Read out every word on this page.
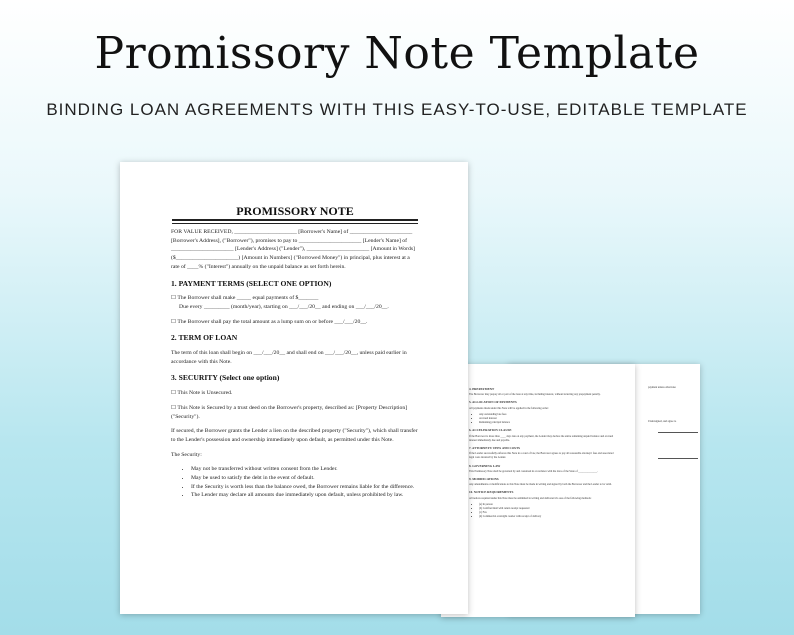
Promissory Note Template
BINDING LOAN AGREEMENTS WITH THIS EASY-TO-USE, EDITABLE TEMPLATE

payment unless otherwise

Undersigned, and agree to

4. PREPAYMENT

The Borrower may prepay all or part of the loan at any time, including interest, without incurring any prepayment penalty.

5. ALLOCATION OF PAYMENTS

All payments made under this Note will be applied in the following order:

• Any outstanding late fees
• Accrued interest
• Remaining principal balance
6. ACCELERATION CLAUSE

If the Borrower is more than ____ days late on any payment, the Lender may declare the entire remaining unpaid balance and accrued interest immediately due and payable.

7. ATTORNEYS' FEES AND COSTS

If the Lender successfully enforces this Note in a court of law, the Borrower agrees to pay all reasonable attorneys' fees and associated legal costs incurred by the Lender.

8. GOVERNING LAW

This Promissory Note shall be governed by and construed in accordance with the laws of the State of ______________.

9. MODIFICATIONS

Any amendments or modifications to this Note must be made in writing and signed by both the Borrower and the Lender to be valid.

10. NOTICE REQUIREMENTS

All notices required under this Note must be submitted in writing and delivered via one of the following methods:

• (a) In person
• (b) Certified mail with return receipt requested
• (c) Fax
• (d) Commercial overnight courier with receipt of delivery
PROMISSORY NOTE

FOR VALUE RECEIVED, ______________________ [Borrower's Name] of ______________________ [Borrower's Address], ("Borrower"), promises to pay to ______________________ [Lender's Name] of ______________________ [Lender's Address] ("Lender"), ______________________ [Amount in Words] ($______________________) [Amount in Numbers] ("Borrowed Money") in principal, plus interest at a rate of ____% ("Interest") annually on the unpaid balance as set forth herein.

1. PAYMENT TERMS (SELECT ONE OPTION)
☐ The Borrower shall make _____ equal payments of $_______
Due every _________ (month/year), starting on ___/___/20__ and ending on ___/___/20__.
☐ The Borrower shall pay the total amount as a lump sum on or before ___/___/20__.
2. TERM OF LOAN

The term of this loan shall begin on ___/___/20__ and shall end on ___/___/20__, unless paid earlier in accordance with this Note.

3. SECURITY (Select one option)
☐ This Note is Unsecured.
☐ This Note is Secured by a trust deed on the Borrower's property, described as: [Property Description] ("Security").

If secured, the Borrower grants the Lender a lien on the described property ("Security"), which shall transfer to the Lender's possession and ownership immediately upon default, as permitted under this Note.

The Security:

• May not be transferred without written consent from the Lender.
• May be used to satisfy the debt in the event of default.
• If the Security is worth less than the balance owed, the Borrower remains liable for the difference.
• The Lender may declare all amounts due immediately upon default, unless prohibited by law.
